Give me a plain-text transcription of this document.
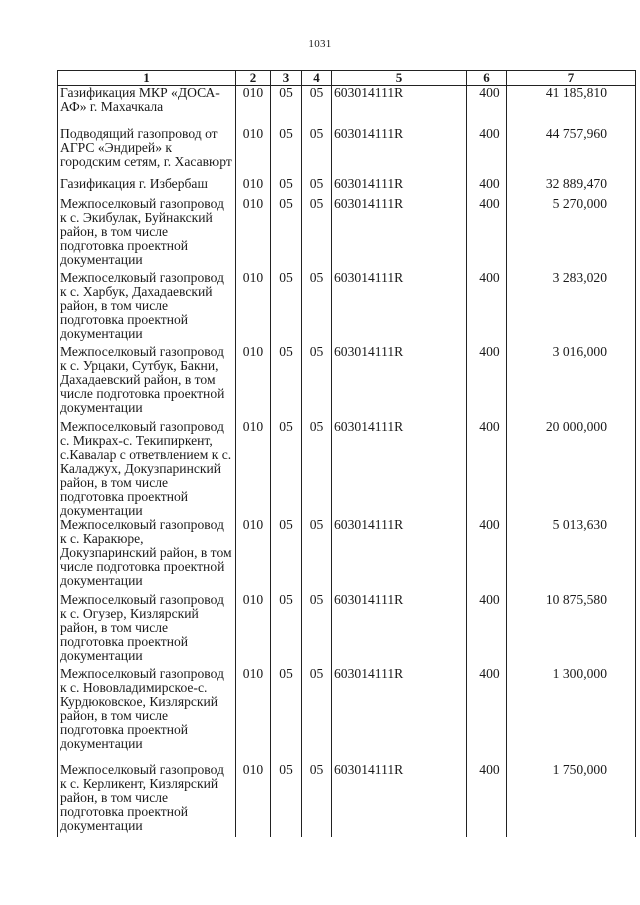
1031
1	2	3	4	5	6	7
Газификация МКР «ДОСА-АФ» г. Махачкала	010	05	05	603014111R	400	41 185,810
Подводящий газопровод от АГРС «Эндирей» к городским сетям, г. Хасавюрт	010	05	05	603014111R	400	44 757,960
Газификация г. Избербаш	010	05	05	603014111R	400	32 889,470
Межпоселковый газопровод к с. Экибулак, Буйнакский район, в том числе подготовка проектной документации	010	05	05	603014111R	400	5 270,000
Межпоселковый газопровод к с. Харбук, Дахадаевский район, в том числе подготовка проектной документации	010	05	05	603014111R	400	3 283,020
Межпоселковый газопровод к с. Урцаки, Сутбук, Бакни, Дахадаевский район, в том числе подготовка проектной документации	010	05	05	603014111R	400	3 016,000
Межпоселковый газопровод с. Микрах-с. Текипиркент, с.Кавалар с ответвлением к с. Каладжух, Докузпаринский район, в том числе подготовка проектной документации	010	05	05	603014111R	400	20 000,000
Межпоселковый газопровод к с. Каракюре, Докузпаринский район, в том числе подготовка проектной документации	010	05	05	603014111R	400	5 013,630
Межпоселковый газопровод к с. Огузер, Кизлярский район, в том числе подготовка проектной документации	010	05	05	603014111R	400	10 875,580
Межпоселковый газопровод к с. Нововладимирское-с. Курдюковское, Кизлярский район, в том числе подготовка проектной документации	010	05	05	603014111R	400	1 300,000
Межпоселковый газопровод к с. Керликент, Кизлярский район, в том числе подготовка проектной документации	010	05	05	603014111R	400	1 750,000
